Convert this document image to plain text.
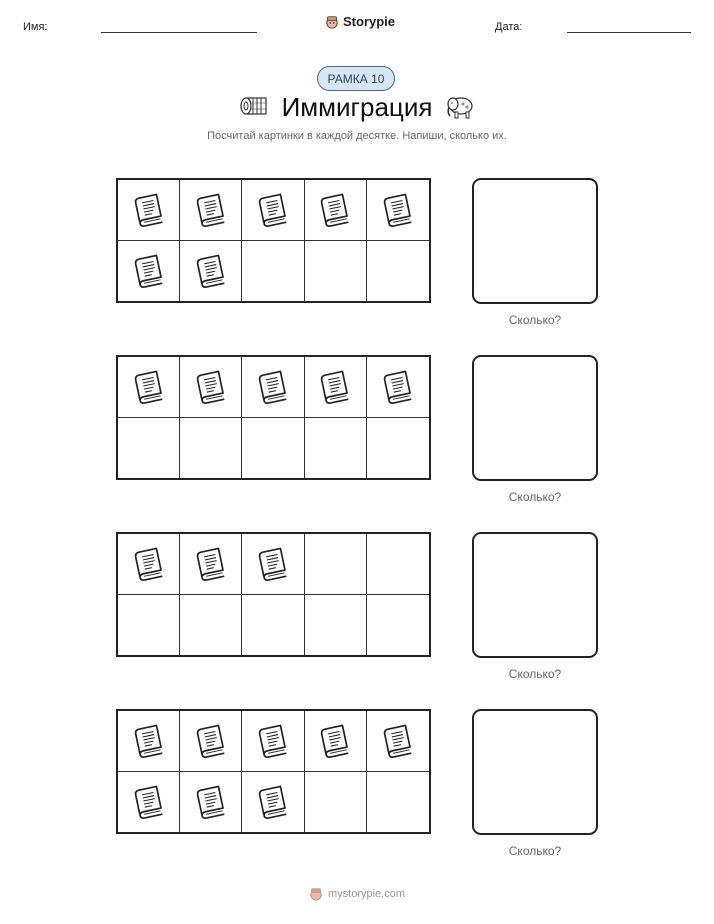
Имя:	Storypie	Дата:
РАМКА 10
Иммиграция
Посчитай картинки в каждой десятке. Напиши, сколько их.
Сколько?
Сколько?
Сколько?
Сколько?
mystorypie.com
